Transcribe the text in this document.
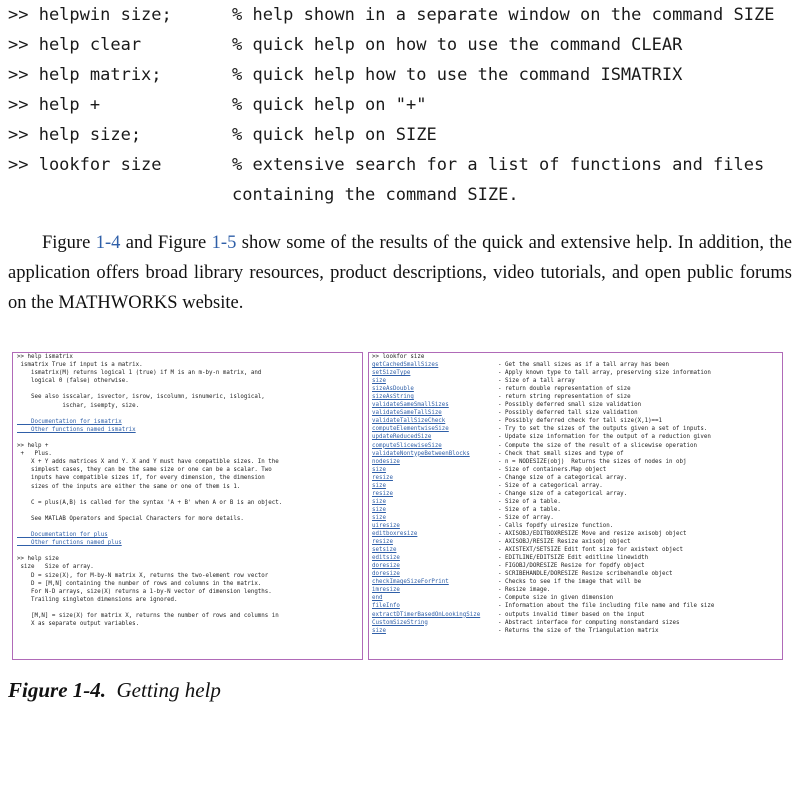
>> helpwin size;	% help shown in a separate window on the command SIZE
>> help clear	% quick help on how to use the command CLEAR
>> help matrix;	% quick help how to use the command ISMATRIX
>> help +	% quick help on "+"
>> help size;	% quick help on SIZE
>> lookfor size	% extensive search for a list of functions and files
containing the command SIZE.
Figure 1-4 and Figure 1-5 show some of the results of the quick and extensive help. In addition, the application offers broad library resources, product descriptions, video tutorials, and open public forums on the MATHWORKS website.
>> help ismatrix
ismatrix True if input is a matrix.
ismatrix(M) returns logical 1 (true) if M is an m-by-n matrix, and
logical 0 (false) otherwise.
See also isscalar, isvector, isrow, iscolumn, isnumeric, islogical,
ischar, isempty, size.
Documentation for ismatrix
Other functions named ismatrix
>> help +
+   Plus.
X + Y adds matrices X and Y. X and Y must have compatible sizes. In the
simplest cases, they can be the same size or one can be a scalar. Two
inputs have compatible sizes if, for every dimension, the dimension
sizes of the inputs are either the same or one of them is 1.
C = plus(A,B) is called for the syntax 'A + B' when A or B is an object.
See MATLAB Operators and Special Characters for more details.
Documentation for plus
Other functions named plus
>> help size
size   Size of array.
D = size(X), for M-by-N matrix X, returns the two-element row vector
D = [M,N] containing the number of rows and columns in the matrix.
For N-D arrays, size(X) returns a 1-by-N vector of dimension lengths.
Trailing singleton dimensions are ignored.
[M,N] = size(X) for matrix X, returns the number of rows and columns in
X as separate output variables.
>> lookfor size
getCachedSmallSizes	- Get the small sizes as if a tall array has been
setSizeType	- Apply known type to tall array, preserving size information
size	- Size of a tall array
sizeAsDouble	- return double representation of size
sizeAsString	- return string representation of size
validateSameSmallSizes	- Possibly deferred small size validation
validateSameTallSize	- Possibly deferred tall size validation
validateTallSizeCheck	- Possibly deferred check for tall size(X,1)==1
computeElementwiseSize	- Try to set the sizes of the outputs given a set of inputs.
updateReducedSize	- Update size information for the output of a reduction given
computeSlicewiseSize	- Compute the size of the result of a slicewise operation
validateNontypeBetweenBlocks	- Check that small sizes and type of
nodesize	- n = NODESIZE(obj)  Returns the sizes of nodes in obj
size	- Size of containers.Map object
resize	- Change size of a categorical array.
size	- Size of a categorical array.
resize	- Change size of a categorical array.
size	- Size of a table.
size	- Size of a table.
size	- Size of array.
uiresize	- Calls fopdfy uiresize function.
editboxresize	- AXISOBJ/EDITBOXRESIZE Move and resize axisobj object
resize	- AXISOBJ/RESIZE Resize axisobj object
setsize	- AXISTEXT/SETSIZE Edit font size for axistext object
editsize	- EDITLINE/EDITSIZE Edit editline linewidth
doresize	- FIGOBJ/DORESIZE Resize for fopdfy object
doresize	- SCRIBEHANDLE/DORESIZE Resize scribehandle object
checkImageSizeForPrint	- Checks to see if the image that will be
imresize	- Resize image.
end	- Compute size in given dimension
fileInfo	- Information about the file including file name and file size
extractDTimerBasedOnLookingSize	- outputs invalid timer based on the input
CustomSizeString	- Abstract interface for computing nonstandard sizes
size	- Returns the size of the Triangulation matrix
Figure 1-4. Getting help
